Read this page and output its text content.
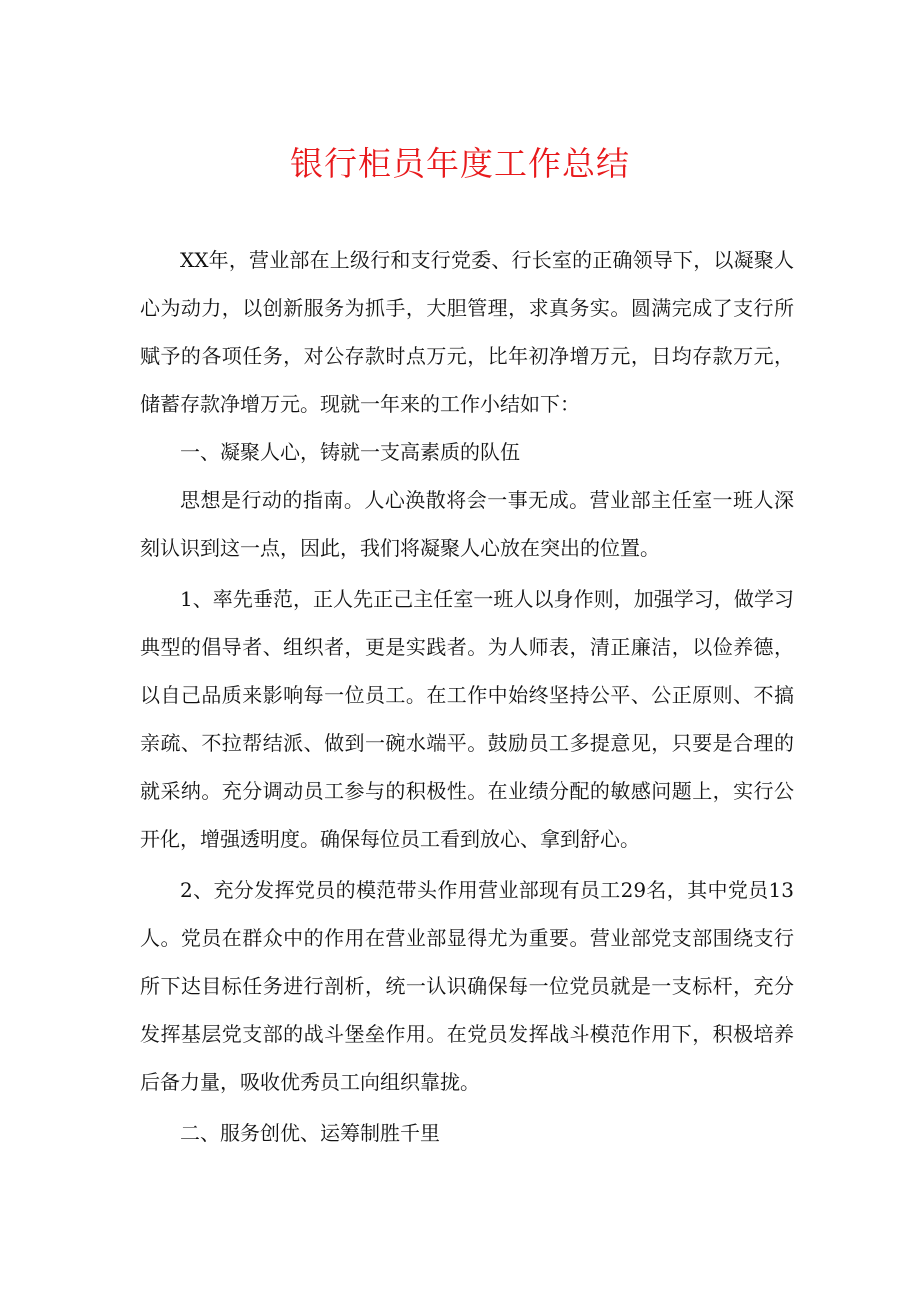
银行柜员年度工作总结

XX年，营业部在上级行和支行党委、行长室的正确领导下，以凝聚人心为动力，以创新服务为抓手，大胆管理，求真务实。圆满完成了支行所赋予的各项任务，对公存款时点万元，比年初净增万元，日均存款万元，储蓄存款净增万元。现就一年来的工作小结如下：

一、凝聚人心，铸就一支高素质的队伍

思想是行动的指南。人心涣散将会一事无成。营业部主任室一班人深刻认识到这一点，因此，我们将凝聚人心放在突出的位置。

1、率先垂范，正人先正己主任室一班人以身作则，加强学习，做学习典型的倡导者、组织者，更是实践者。为人师表，清正廉洁，以俭养德，以自己品质来影响每一位员工。在工作中始终坚持公平、公正原则、不搞亲疏、不拉帮结派、做到一碗水端平。鼓励员工多提意见，只要是合理的就采纳。充分调动员工参与的积极性。在业绩分配的敏感问题上，实行公开化，增强透明度。确保每位员工看到放心、拿到舒心。

2、充分发挥党员的模范带头作用营业部现有员工29名，其中党员13人。党员在群众中的作用在营业部显得尤为重要。营业部党支部围绕支行所下达目标任务进行剖析，统一认识确保每一位党员就是一支标杆，充分发挥基层党支部的战斗堡垒作用。在党员发挥战斗模范作用下，积极培养后备力量，吸收优秀员工向组织靠拢。

二、服务创优、运筹制胜千里
